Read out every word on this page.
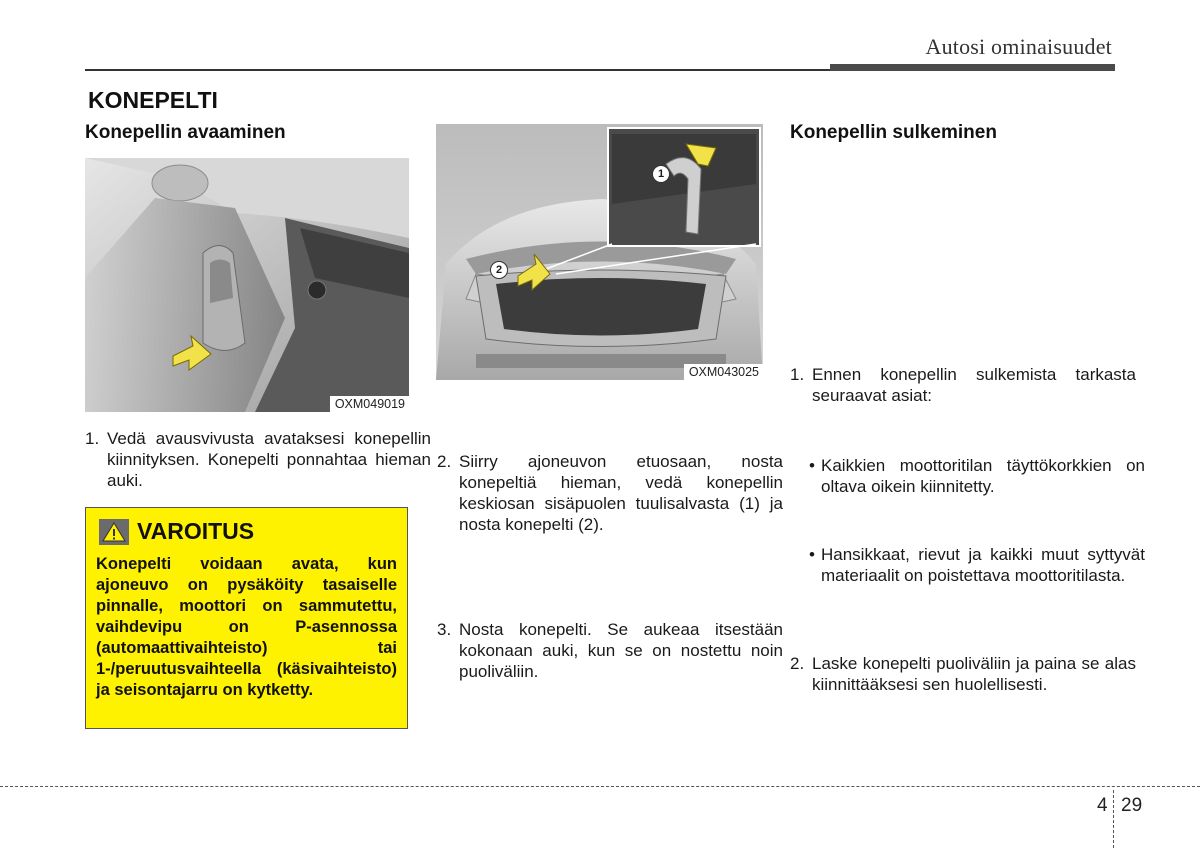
Autosi ominaisuudet
KONEPELTI
Konepellin avaaminen
OXM049019
1. Vedä avausvivusta avataksesi konepellin kiinnityksen. Konepelti ponnahtaa hieman auki.
VAROITUS
Konepelti voidaan avata, kun ajoneuvo on pysäköity tasaiselle pinnalle, moottori on sammutettu, vaihdevipu on P-asennossa (automaattivaihteisto) tai 1-/peruutusvaihteella (käsivaihteisto) ja seisontajarru on kytketty.
1
2
OXM043025
2. Siirry ajoneuvon etuosaan, nosta konepeltiä hieman, vedä konepellin keskiosan sisäpuolen tuulisalvasta (1) ja nosta konepelti (2).
3. Nosta konepelti. Se aukeaa itsestään kokonaan auki, kun se on nostettu noin puoliväliin.
Konepellin sulkeminen
1. Ennen konepellin sulkemista tarkasta seuraavat asiat:
• Kaikkien moottoritilan täyttökorkkien on oltava oikein kiinnitetty.
• Hansikkaat, rievut ja kaikki muut syttyvät materiaalit on poistettava moottoritilasta.
2. Laske konepelti puoliväliin ja paina se alas kiinnittääksesi sen huolellisesti.
4 29
